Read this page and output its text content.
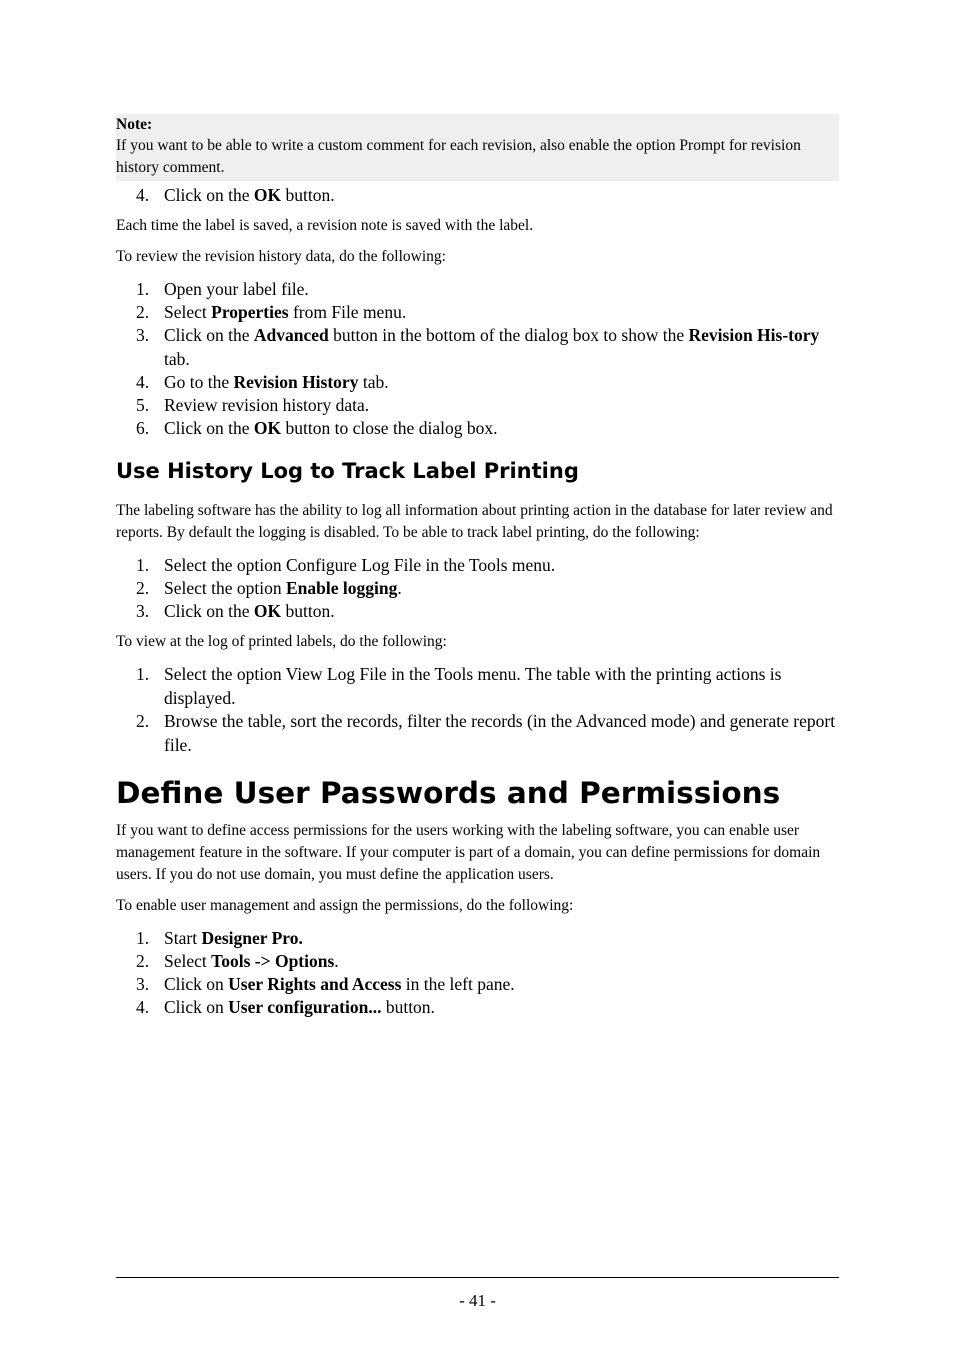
Note:
If you want to be able to write a custom comment for each revision, also enable the option Prompt for revision history comment.
4. Click on the OK button.

Each time the label is saved, a revision note is saved with the label.

To review the revision history data, do the following:

1. Open your label file.
2. Select Properties from File menu.
3. Click on the Advanced button in the bottom of the dialog box to show the Revision His-tory tab.
4. Go to the Revision History tab.
5. Review revision history data.
6. Click on the OK button to close the dialog box.
Use History Log to Track Label Printing

The labeling software has the ability to log all information about printing action in the database for later review and reports. By default the logging is disabled. To be able to track label printing, do the following:

1. Select the option Configure Log File in the Tools menu.
2. Select the option Enable logging.
3. Click on the OK button.

To view at the log of printed labels, do the following:

1. Select the option View Log File in the Tools menu. The table with the printing actions is displayed.
2. Browse the table, sort the records, filter the records (in the Advanced mode) and generate report file.
Define User Passwords and Permissions

If you want to define access permissions for the users working with the labeling software, you can enable user management feature in the software. If your computer is part of a domain, you can define permissions for domain users. If you do not use domain, you must define the application users.

To enable user management and assign the permissions, do the following:

1. Start Designer Pro.
2. Select Tools -> Options.
3. Click on User Rights and Access in the left pane.
4. Click on User configuration... button.
- 41 -
